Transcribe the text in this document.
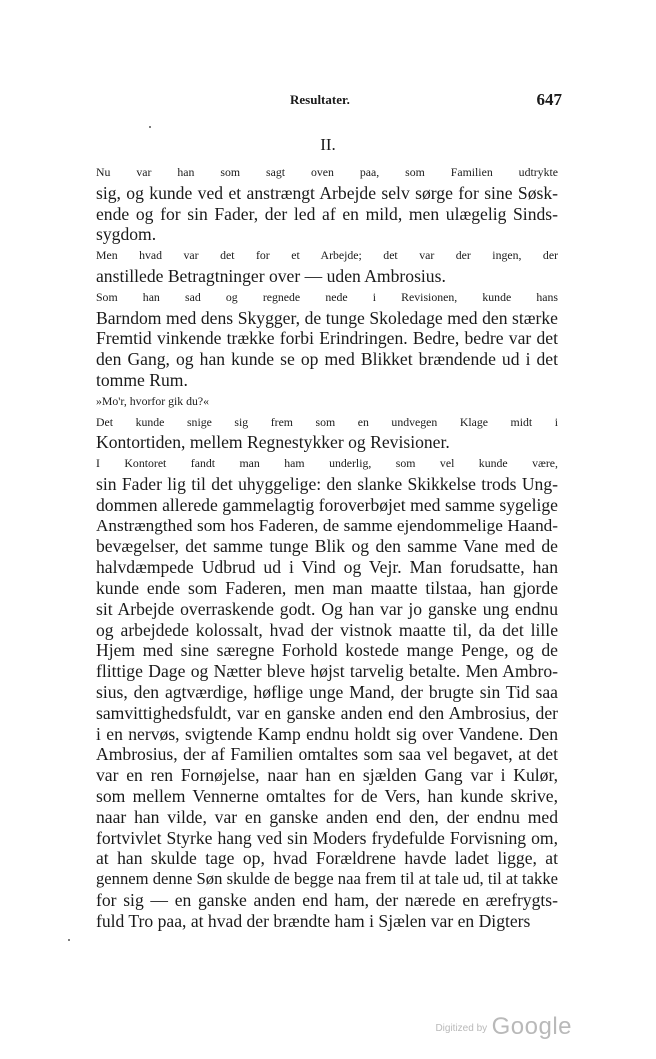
Resultater.	647
II.

Nu var han som sagt oven paa, som Familien udtrykte
sig, og kunde ved et anstrængt Arbejde selv sørge for sine Søsk-
ende og for sin Fader, der led af en mild, men ulægelig Sinds-
sygdom.

Men hvad var det for et Arbejde; det var der ingen, der
anstillede Betragtninger over — uden Ambrosius.

Som han sad og regnede nede i Revisionen, kunde hans
Barndom med dens Skygger, de tunge Skoledage med den stærke
Fremtid vinkende trække forbi Erindringen. Bedre, bedre var det
den Gang, og han kunde se op med Blikket brændende ud i det
tomme Rum.

»Mo'r, hvorfor gik du?«

Det kunde snige sig frem som en undvegen Klage midt i
Kontortiden, mellem Regnestykker og Revisioner.

I Kontoret fandt man ham underlig, som vel kunde være,
sin Fader lig til det uhyggelige: den slanke Skikkelse trods Ung-
dommen allerede gammelagtig foroverbøjet med samme sygelige
Anstrængthed som hos Faderen, de samme ejendommelige Haand-
bevægelser, det samme tunge Blik og den samme Vane med de
halvdæmpede Udbrud ud i Vind og Vejr. Man forudsatte, han
kunde ende som Faderen, men man maatte tilstaa, han gjorde
sit Arbejde overraskende godt. Og han var jo ganske ung endnu
og arbejdede kolossalt, hvad der vistnok maatte til, da det lille
Hjem med sine særegne Forhold kostede mange Penge, og de
flittige Dage og Nætter bleve højst tarvelig betalte. Men Ambro-
sius, den agtværdige, høflige unge Mand, der brugte sin Tid saa
samvittighedsfuldt, var en ganske anden end den Ambrosius, der
i en nervøs, svigtende Kamp endnu holdt sig over Vandene. Den
Ambrosius, der af Familien omtaltes som saa vel begavet, at det
var en ren Fornøjelse, naar han en sjælden Gang var i Kulør,
som mellem Vennerne omtaltes for de Vers, han kunde skrive,
naar han vilde, var en ganske anden end den, der endnu med
fortvivlet Styrke hang ved sin Moders frydefulde Forvisning om,
at han skulde tage op, hvad Forældrene havde ladet ligge, at
gennem denne Søn skulde de begge naa frem til at tale ud, til at takke
for sig — en ganske anden end ham, der nærede en ærefrygts-
fuld Tro paa, at hvad der brændte ham i Sjælen var en Digters

Digitized by Google
